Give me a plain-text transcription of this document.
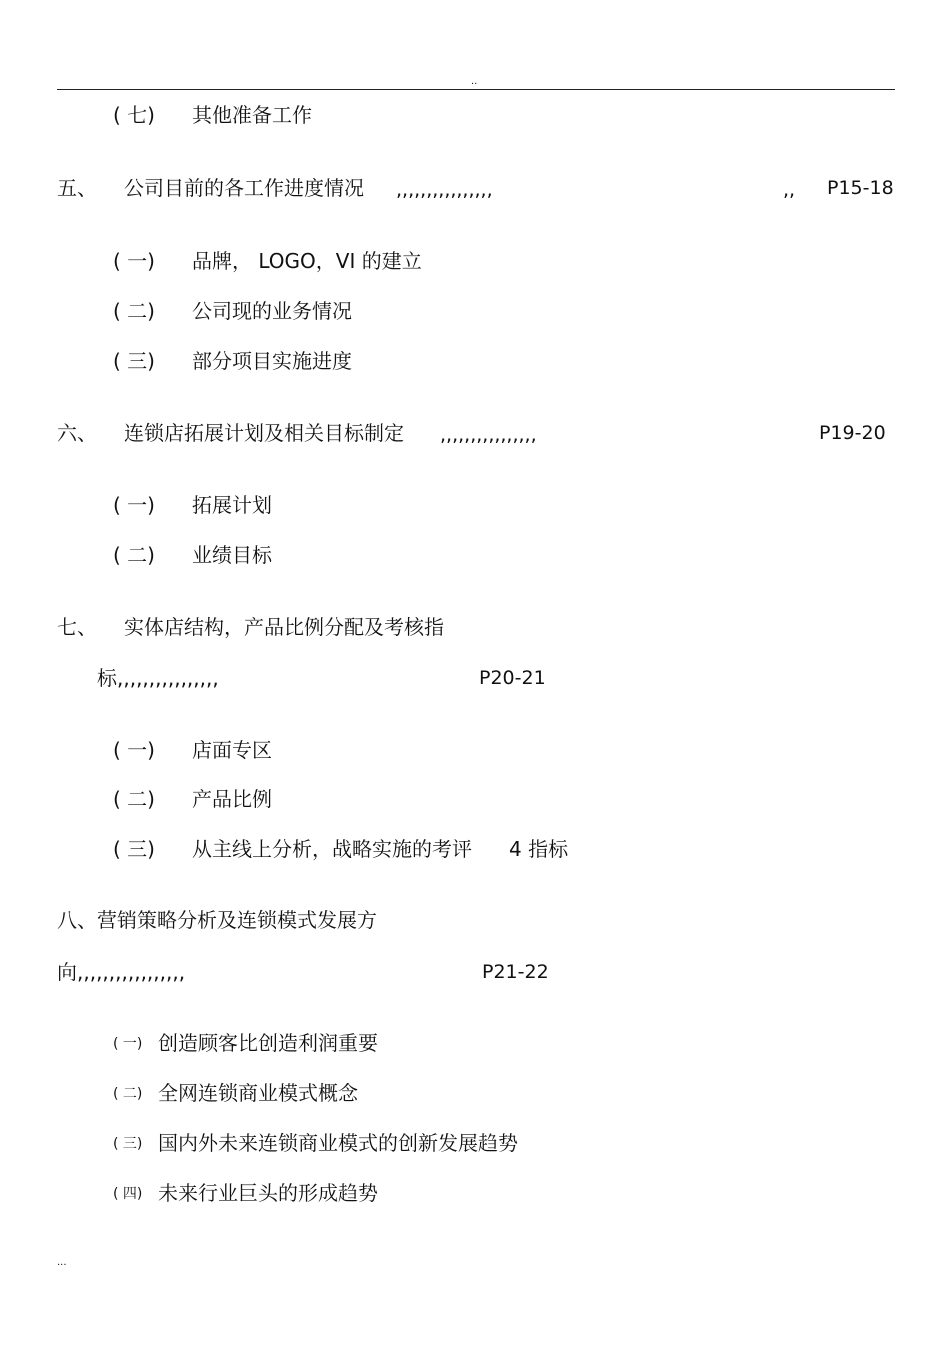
..
( 七) 其他准备工作
五、 公司目前的各工作进度情况 ,,,,,,,,,,,,,,,,	,, P15-18
( 一) 品牌， LOGO，VI 的建立
( 二) 公司现的业务情况
( 三) 部分项目实施进度
六、 连锁店拓展计划及相关目标制定 ,,,,,,,,,,,,,,,,	P19-20
( 一) 拓展计划
( 二) 业绩目标
七、 实体店结构，产品比例分配及考核指
标,,,,,,,,,,,,,,,,	P20-21
( 一) 店面专区
( 二) 产品比例
( 三) 从主线上分析，战略实施的考评 4 指标
八、营销策略分析及连锁模式发展方
向,,,,,,,,,,,,,,,,,	P21-22
( 一) 创造顾客比创造利润重要
( 二) 全网连锁商业模式概念
( 三) 国内外未来连锁商业模式的创新发展趋势
( 四) 未来行业巨头的形成趋势
...
